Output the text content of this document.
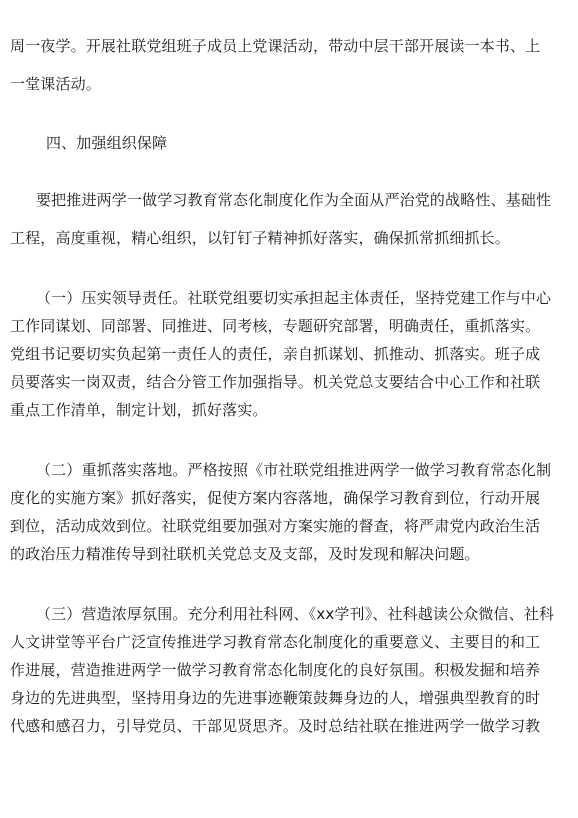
周一夜学。开展社联党组班子成员上党课活动，带动中层干部开展读一本书、上
一堂课活动。
四、加强组织保障
要把推进两学一做学习教育常态化制度化作为全面从严治党的战略性、基础性
工程，高度重视，精心组织，以钉钉子精神抓好落实，确保抓常抓细抓长。
（一）压实领导责任。社联党组要切实承担起主体责任，坚持党建工作与中心
工作同谋划、同部署、同推进、同考核，专题研究部署，明确责任，重抓落实。
党组书记要切实负起第一责任人的责任，亲自抓谋划、抓推动、抓落实。班子成
员要落实一岗双责，结合分管工作加强指导。机关党总支要结合中心工作和社联
重点工作清单，制定计划，抓好落实。
（二）重抓落实落地。严格按照《市社联党组推进两学一做学习教育常态化制
度化的实施方案》抓好落实，促使方案内容落地，确保学习教育到位，行动开展
到位，活动成效到位。社联党组要加强对方案实施的督查，将严肃党内政治生活
的政治压力精准传导到社联机关党总支及支部，及时发现和解决问题。
（三）营造浓厚氛围。充分利用社科网、《xx学刊》、社科越读公众微信、社科
人文讲堂等平台广泛宣传推进学习教育常态化制度化的重要意义、主要目的和工
作进展，营造推进两学一做学习教育常态化制度化的良好氛围。积极发掘和培养
身边的先进典型，坚持用身边的先进事迹鞭策鼓舞身边的人，增强典型教育的时
代感和感召力，引导党员、干部见贤思齐。及时总结社联在推进两学一做学习教
